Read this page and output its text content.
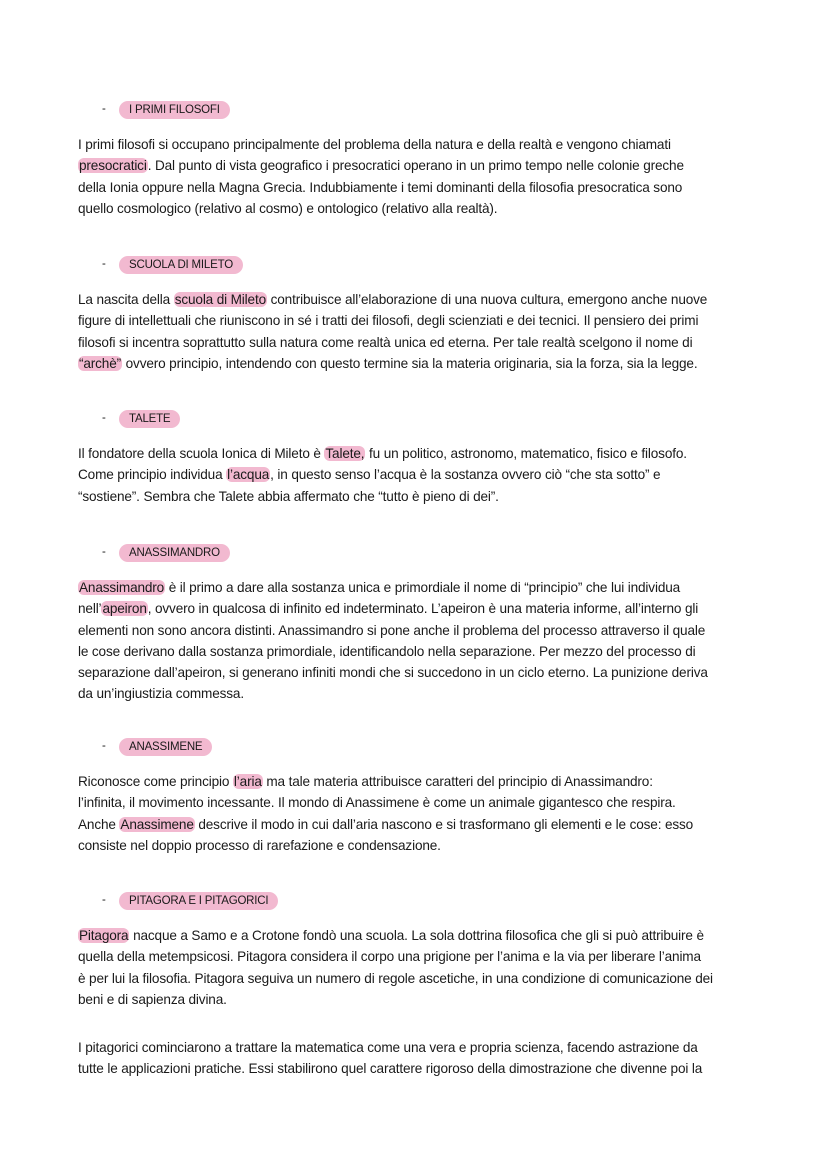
-	I PRIMI FILOSOFI
I primi filosofi si occupano principalmente del problema della natura e della realtà e vengono chiamati
presocratici. Dal punto di vista geografico i presocratici operano in un primo tempo nelle colonie greche
della Ionia oppure nella Magna Grecia. Indubbiamente i temi dominanti della filosofia presocratica sono
quello cosmologico (relativo al cosmo) e ontologico (relativo alla realtà).
-	SCUOLA DI MILETO
La nascita della scuola di Mileto contribuisce all’elaborazione di una nuova cultura, emergono anche nuove
figure di intellettuali che riuniscono in sé i tratti dei filosofi, degli scienziati e dei tecnici. Il pensiero dei primi
filosofi si incentra soprattutto sulla natura come realtà unica ed eterna. Per tale realtà scelgono il nome di
“archè” ovvero principio, intendendo con questo termine sia la materia originaria, sia la forza, sia la legge.
-	TALETE
Il fondatore della scuola Ionica di Mileto è Talete, fu un politico, astronomo, matematico, fisico e filosofo.
Come principio individua l’acqua, in questo senso l’acqua è la sostanza ovvero ciò “che sta sotto” e
“sostiene”. Sembra che Talete abbia affermato che “tutto è pieno di dei”.
-	ANASSIMANDRO
Anassimandro è il primo a dare alla sostanza unica e primordiale il nome di “principio” che lui individua
nell’apeiron, ovvero in qualcosa di infinito ed indeterminato. L’apeiron è una materia informe, all’interno gli
elementi non sono ancora distinti. Anassimandro si pone anche il problema del processo attraverso il quale
le cose derivano dalla sostanza primordiale, identificandolo nella separazione. Per mezzo del processo di
separazione dall’apeiron, si generano infiniti mondi che si succedono in un ciclo eterno. La punizione deriva
da un’ingiustizia commessa.
-	ANASSIMENE
Riconosce come principio l’aria ma tale materia attribuisce caratteri del principio di Anassimandro:
l’infinita, il movimento incessante. Il mondo di Anassimene è come un animale gigantesco che respira.
Anche Anassimene descrive il modo in cui dall’aria nascono e si trasformano gli elementi e le cose: esso
consiste nel doppio processo di rarefazione e condensazione.
-	PITAGORA E I PITAGORICI
Pitagora nacque a Samo e a Crotone fondò una scuola. La sola dottrina filosofica che gli si può attribuire è
quella della metempsicosi. Pitagora considera il corpo una prigione per l’anima e la via per liberare l’anima
è per lui la filosofia. Pitagora seguiva un numero di regole ascetiche, in una condizione di comunicazione dei
beni e di sapienza divina.
I pitagorici cominciarono a trattare la matematica come una vera e propria scienza, facendo astrazione da
tutte le applicazioni pratiche. Essi stabilirono quel carattere rigoroso della dimostrazione che divenne poi la
